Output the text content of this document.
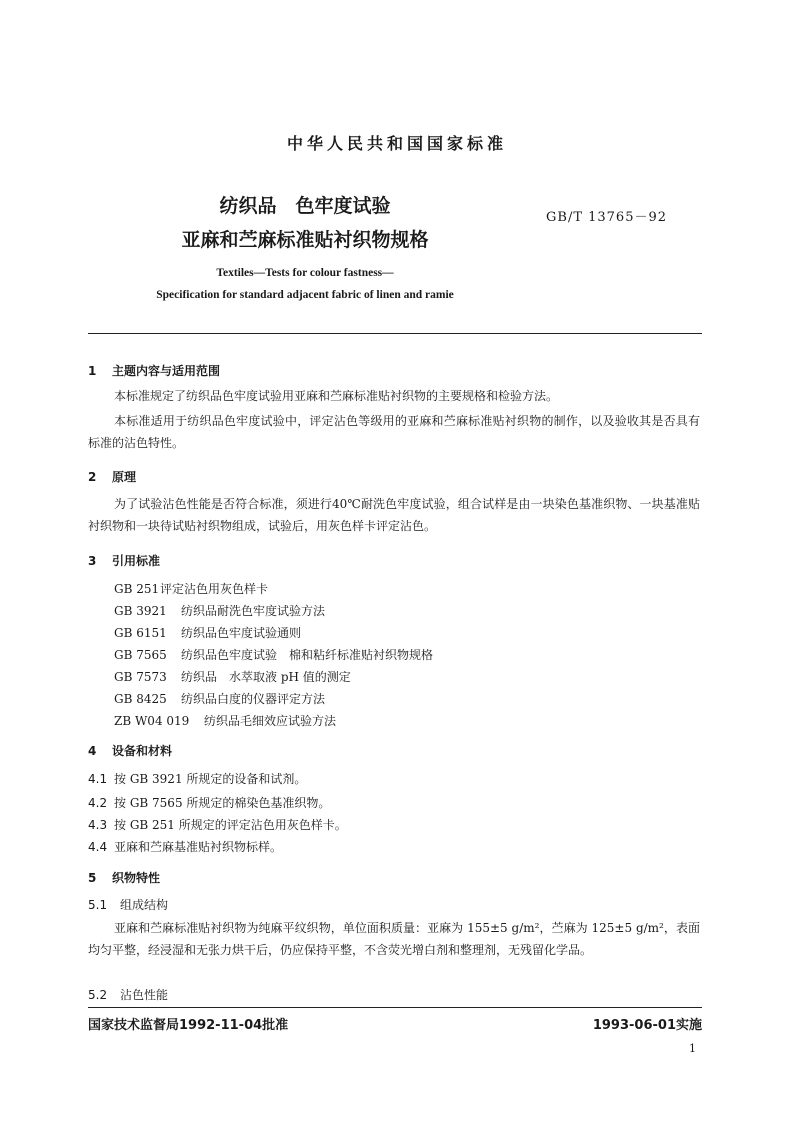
中华人民共和国国家标准
纺织品　色牢度试验
亚麻和苎麻标准贴衬织物规格
GB/T 13765－92
Textiles—Tests for colour fastness—
Specification for standard adjacent fabric of linen and ramie
1 主题内容与适用范围
本标准规定了纺织品色牢度试验用亚麻和苎麻标准贴衬织物的主要规格和检验方法。
本标准适用于纺织品色牢度试验中，评定沾色等级用的亚麻和苎麻标准贴衬织物的制作，以及验收其是否具有标准的沾色特性。
2 原理
为了试验沾色性能是否符合标准，须进行40℃耐洗色牢度试验，组合试样是由一块染色基准织物、一块基准贴衬织物和一块待试贴衬织物组成，试验后，用灰色样卡评定沾色。
3 引用标准
GB 251评定沾色用灰色样卡
GB 3921 纺织品耐洗色牢度试验方法
GB 6151 纺织品色牢度试验通则
GB 7565 纺织品色牢度试验　棉和粘纤标准贴衬织物规格
GB 7573 纺织品　水萃取液 pH 值的测定
GB 8425 纺织品白度的仪器评定方法
ZB W04 019 纺织品毛细效应试验方法
4 设备和材料
4.1 按 GB 3921 所规定的设备和试剂。
4.2 按 GB 7565 所规定的棉染色基准织物。
4.3 按 GB 251 所规定的评定沾色用灰色样卡。
4.4 亚麻和苎麻基准贴衬织物标样。
5 织物特性
5.1 组成结构
亚麻和苎麻标准贴衬织物为纯麻平纹织物，单位面积质量：亚麻为 155±5 g/m²，苎麻为 125±5 g/m²，表面均匀平整，经浸湿和无张力烘干后，仍应保持平整，不含荧光增白剂和整理剂，无残留化学品。
5.2 沾色性能
国家技术监督局1992-11-04批准	1993-06-01实施
1
